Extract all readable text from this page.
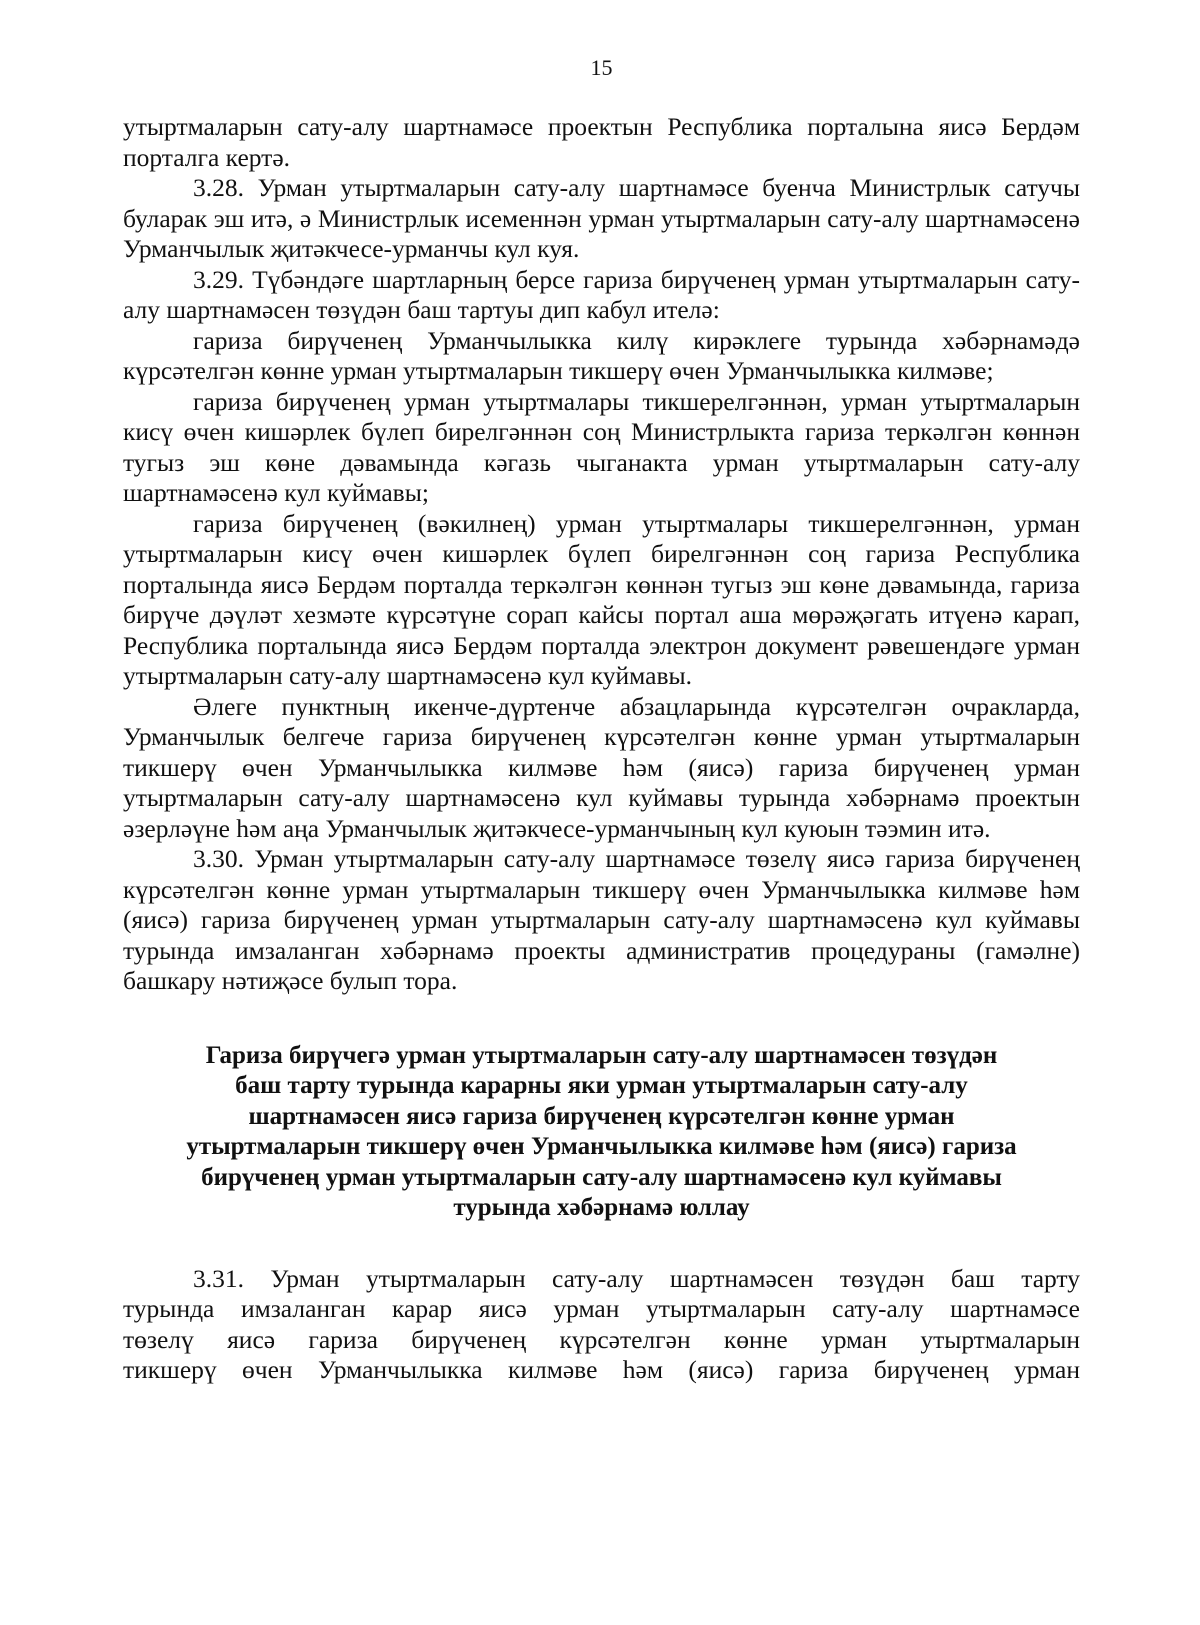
15

утыртмаларын сату-алу шартнамәсе проектын Республика порталына яисә Бердәм порталга кертә.

3.28. Урман утыртмаларын сату-алу шартнамәсе буенча Министрлык сатучы буларак эш итә, ә Министрлык исеменнән урман утыртмаларын сату-алу шартнамәсенә Урманчылык җитәкчесе-урманчы кул куя.

3.29. Түбәндәге шартларның берсе гариза бирүченең урман утыртмаларын сату-алу шартнамәсен төзүдән баш тартуы дип кабул ителә:

гариза бирүченең Урманчылыкка килү кирәклеге турында хәбәрнамәдә күрсәтелгән көнне урман утыртмаларын тикшерү өчен Урманчылыкка килмәве;

гариза бирүченең урман утыртмалары тикшерелгәннән, урман утыртмаларын кисү өчен кишәрлек бүлеп бирелгәннән соң Министрлыкта гариза теркәлгән көннән тугыз эш көне дәвамында кәгазь чыганакта урман утыртмаларын сату-алу шартнамәсенә кул куймавы;

гариза бирүченең (вәкилнең) урман утыртмалары тикшерелгәннән, урман утыртмаларын кисү өчен кишәрлек бүлеп бирелгәннән соң гариза Республика порталында яисә Бердәм порталда теркәлгән көннән тугыз эш көне дәвамында, гариза бирүче дәүләт хезмәте күрсәтүне сорап кайсы портал аша мөрәҗәгать итүенә карап, Республика порталында яисә Бердәм порталда электрон документ рәвешендәге урман утыртмаларын сату-алу шартнамәсенә кул куймавы.

Әлеге пунктның икенче-дүртенче абзацларында күрсәтелгән очракларда, Урманчылык белгече гариза бирүченең күрсәтелгән көнне урман утыртмаларын тикшерү өчен Урманчылыкка килмәве һәм (яисә) гариза бирүченең урман утыртмаларын сату-алу шартнамәсенә кул куймавы турында хәбәрнамә проектын әзерләүне һәм аңа Урманчылык җитәкчесе-урманчының кул куюын тәэмин итә.

3.30. Урман утыртмаларын сату-алу шартнамәсе төзелү яисә гариза бирүченең күрсәтелгән көнне урман утыртмаларын тикшерү өчен Урманчылыкка килмәве һәм (яисә) гариза бирүченең урман утыртмаларын сату-алу шартнамәсенә кул куймавы турында имзаланган хәбәрнамә проекты административ процедураны (гамәлне) башкару нәтиҗәсе булып тора.

Гариза бирүчегә урман утыртмаларын сату-алу шартнамәсен төзүдән
баш тарту турында карарны яки урман утыртмаларын сату-алу
шартнамәсен яисә гариза бирүченең күрсәтелгән көнне урман
утыртмаларын тикшерү өчен Урманчылыкка килмәве һәм (яисә) гариза
бирүченең урман утыртмаларын сату-алу шартнамәсенә кул куймавы
турында хәбәрнамә юллау
3.31. Урман утыртмаларын сату-алу шартнамәсен төзүдән баш тарту
турында имзаланган карар яисә урман утыртмаларын сату-алу шартнамәсе
төзелү яисә гариза бирүченең күрсәтелгән көнне урман утыртмаларын
тикшерү өчен Урманчылыкка килмәве һәм (яисә) гариза бирүченең урман
